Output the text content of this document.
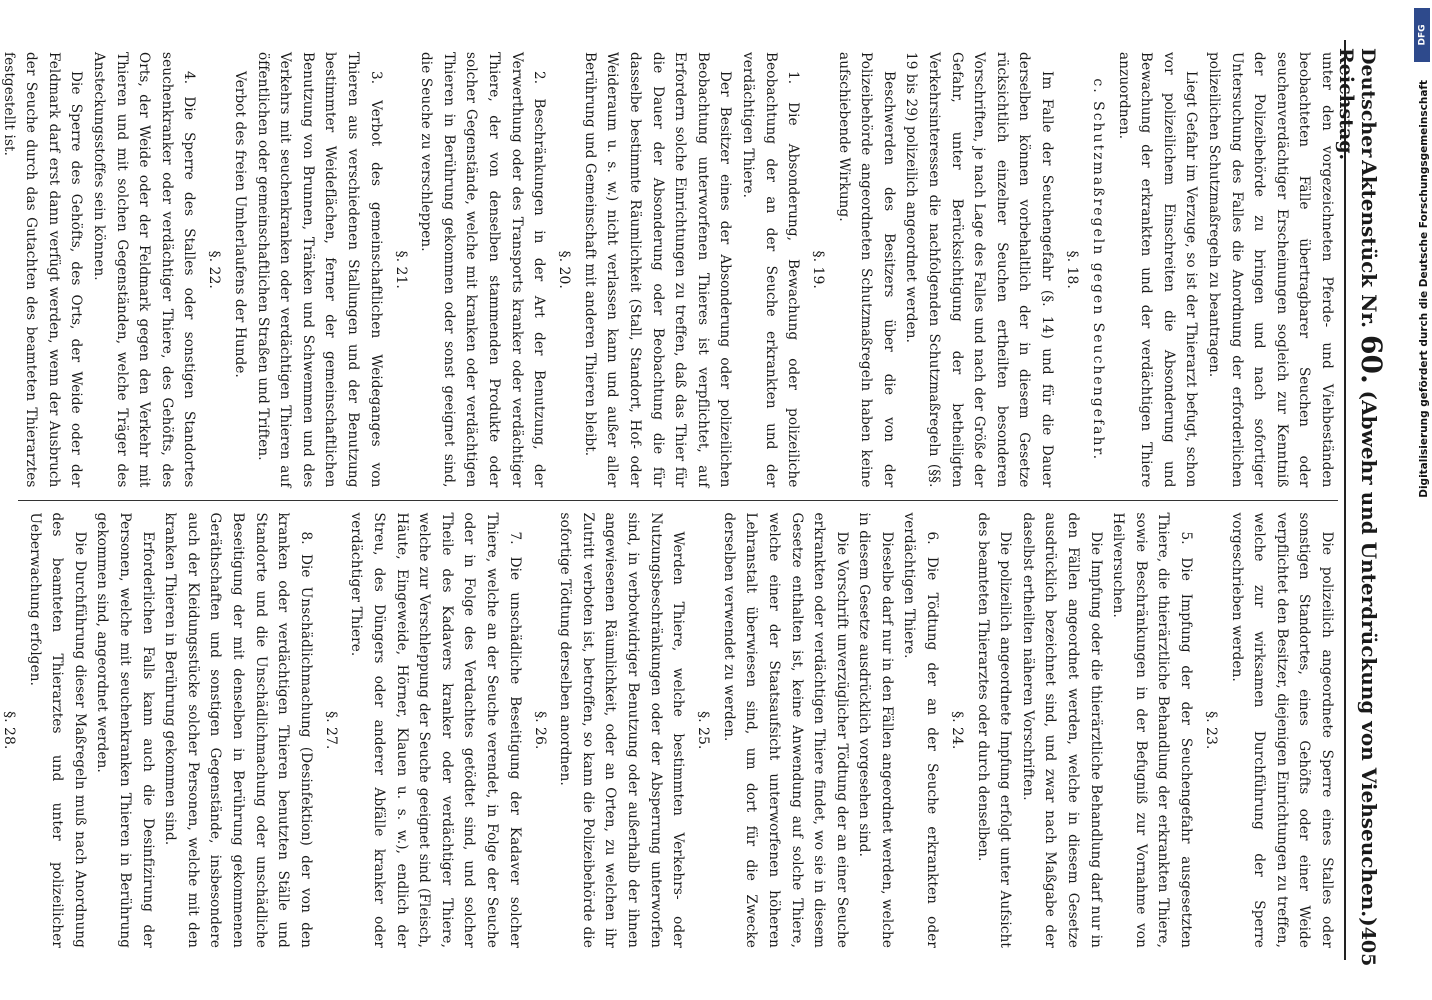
Deutscher Reichstag.
Aktenstück Nr. 60. (Abwehr und Unterdrückung von Viehseuchen.)
405

unter den vorgezeichneten Pferde- und Viehbeständen beobachteten Fälle übertragbarer Seuchen oder seuchenverdächtiger Erscheinungen sogleich zur Kenntniß der Polizeibehörde zu bringen und nach sofortiger Untersuchung des Falles die Anordnung der erforderlichen polizeilichen Schutzmaßregeln zu beantragen.

Liegt Gefahr im Verzuge, so ist der Thierarzt befugt, schon vor polizeilichem Einschreiten die Absonderung und Bewachung der erkrankten und der verdächtigen Thiere anzuordnen.

c. Schutzmaßregeln gegen Seuchengefahr.
§. 18.

Im Falle der Seuchengefahr (§. 14) und für die Dauer derselben können vorbehaltlich der in diesem Gesetze rücksichtlich einzelner Seuchen ertheilten besonderen Vorschriften, je nach Lage des Falles und nach der Größe der Gefahr, unter Berücksichtigung der betheiligten Verkehrsinteressen die nachfolgenden Schutzmaßregeln (§§. 19 bis 29) polizeilich angeordnet werden.

Beschwerden des Besitzers über die von der Polizeibehörde angeordneten Schutzmaßregeln haben keine aufschiebende Wirkung.

§. 19.

1. Die Absonderung, Bewachung oder polizeiliche Beobachtung der an der Seuche erkrankten und der verdächtigen Thiere.

Der Besitzer eines der Absonderung oder polizeilichen Beobachtung unterworfenen Thieres ist verpflichtet, auf Erfordern solche Einrichtungen zu treffen, daß das Thier für die Dauer der Absonderung oder Beobachtung die für dasselbe bestimmte Räumlichkeit (Stall, Standort, Hof- oder Weideraum u. s. w.) nicht verlassen kann und außer aller Berührung und Gemeinschaft mit anderen Thieren bleibt.

§. 20.

2. Beschränkungen in der Art der Benutzung, der Verwerthung oder des Transports kranker oder verdächtiger Thiere, der von denselben stammenden Produkte oder solcher Gegenstände, welche mit kranken oder verdächtigen Thieren in Berührung gekommen oder sonst geeignet sind, die Seuche zu verschleppen.

§. 21.

3. Verbot des gemeinschaftlichen Weideganges von Thieren aus verschiedenen Stallungen und der Benutzung bestimmter Weideflächen, ferner der gemeinschaftlichen Benutzung von Brunnen, Tränken und Schwemmen und des Verkehrs mit seuchenkranken oder verdächtigen Thieren auf öffentlichen oder gemeinschaftlichen Straßen und Triften.

Verbot des freien Umherlaufens der Hunde.

§. 22.

4. Die Sperre des Stalles oder sonstigen Standortes seuchenkranker oder verdächtiger Thiere, des Gehöfts, des Orts, der Weide oder der Feldmark gegen den Verkehr mit Thieren und mit solchen Gegenständen, welche Träger des Ansteckungsstoffes sein können.

Die Sperre des Gehöfts, des Orts, der Weide oder der Feldmark darf erst dann verfügt werden, wenn der Ausbruch der Seuche durch das Gutachten des beamteten Thierarztes festgestellt ist.

Die polizeilich angeordnete Sperre eines Stalles oder sonstigen Standortes, eines Gehöfts oder einer Weide verpflichtet den Besitzer, diejenigen Einrichtungen zu treffen, welche zur wirksamen Durchführung der Sperre vorgeschrieben werden.

§. 23.

5. Die Impfung der der Seuchengefahr ausgesetzten Thiere, die thierärztliche Behandlung der erkrankten Thiere, sowie Beschränkungen in der Befugniß zur Vornahme von Heilversuchen.

Die Impfung oder die thierärztliche Behandlung darf nur in den Fällen angeordnet werden, welche in diesem Gesetze ausdrücklich bezeichnet sind, und zwar nach Maßgabe der daselbst ertheilten näheren Vorschriften.

Die polizeilich angeordnete Impfung erfolgt unter Aufsicht des beamteten Thierarztes oder durch denselben.

§. 24.

6. Die Tödtung der an der Seuche erkrankten oder verdächtigen Thiere.

Dieselbe darf nur in den Fällen angeordnet werden, welche in diesem Gesetze ausdrücklich vorgesehen sind.

Die Vorschrift unverzüglicher Tödtung der an einer Seuche erkrankten oder verdächtigen Thiere findet, wo sie in diesem Gesetze enthalten ist, keine Anwendung auf solche Thiere, welche einer der Staatsaufsicht unterworfenen höheren Lehranstalt überwiesen sind, um dort für die Zwecke derselben verwendet zu werden.

§. 25.

Werden Thiere, welche bestimmten Verkehrs- oder Nutzungsbeschränkungen oder der Absperrung unterworfen sind, in verbotwidriger Benutzung oder außerhalb der ihnen angewiesenen Räumlichkeit, oder an Orten, zu welchen ihr Zutritt verboten ist, betroffen, so kann die Polizeibehörde die sofortige Tödtung derselben anordnen.

§. 26.

7. Die unschädliche Beseitigung der Kadaver solcher Thiere, welche an der Seuche verendet, in Folge der Seuche oder in Folge des Verdachtes getödtet sind, und solcher Theile des Kadavers kranker oder verdächtiger Thiere, welche zur Verschleppung der Seuche geeignet sind (Fleisch, Häute, Eingeweide, Hörner, Klauen u. s. w.), endlich der Streu, des Düngers oder anderer Abfälle kranker oder verdächtiger Thiere.

§. 27.

8. Die Unschädlichmachung (Desinfektion) der von den kranken oder verdächtigen Thieren benutzten Ställe und Standorte und die Unschädlichmachung oder unschädliche Beseitigung der mit denselben in Berührung gekommenen Geräthschaften und sonstigen Gegenstände, insbesondere auch der Kleidungsstücke solcher Personen, welche mit den kranken Thieren in Berührung gekommen sind.

Erforderlichen Falls kann auch die Desinfizirung der Personen, welche mit seuchenkranken Thieren in Berührung gekommen sind, angeordnet werden.

Die Durchführung dieser Maßregeln muß nach Anordnung des beamteten Thierarztes und unter polizeilicher Ueberwachung erfolgen.

§. 28.

Digitalisierung gefördert durch die Deutsche Forschungsgemeinschaft
DFG
